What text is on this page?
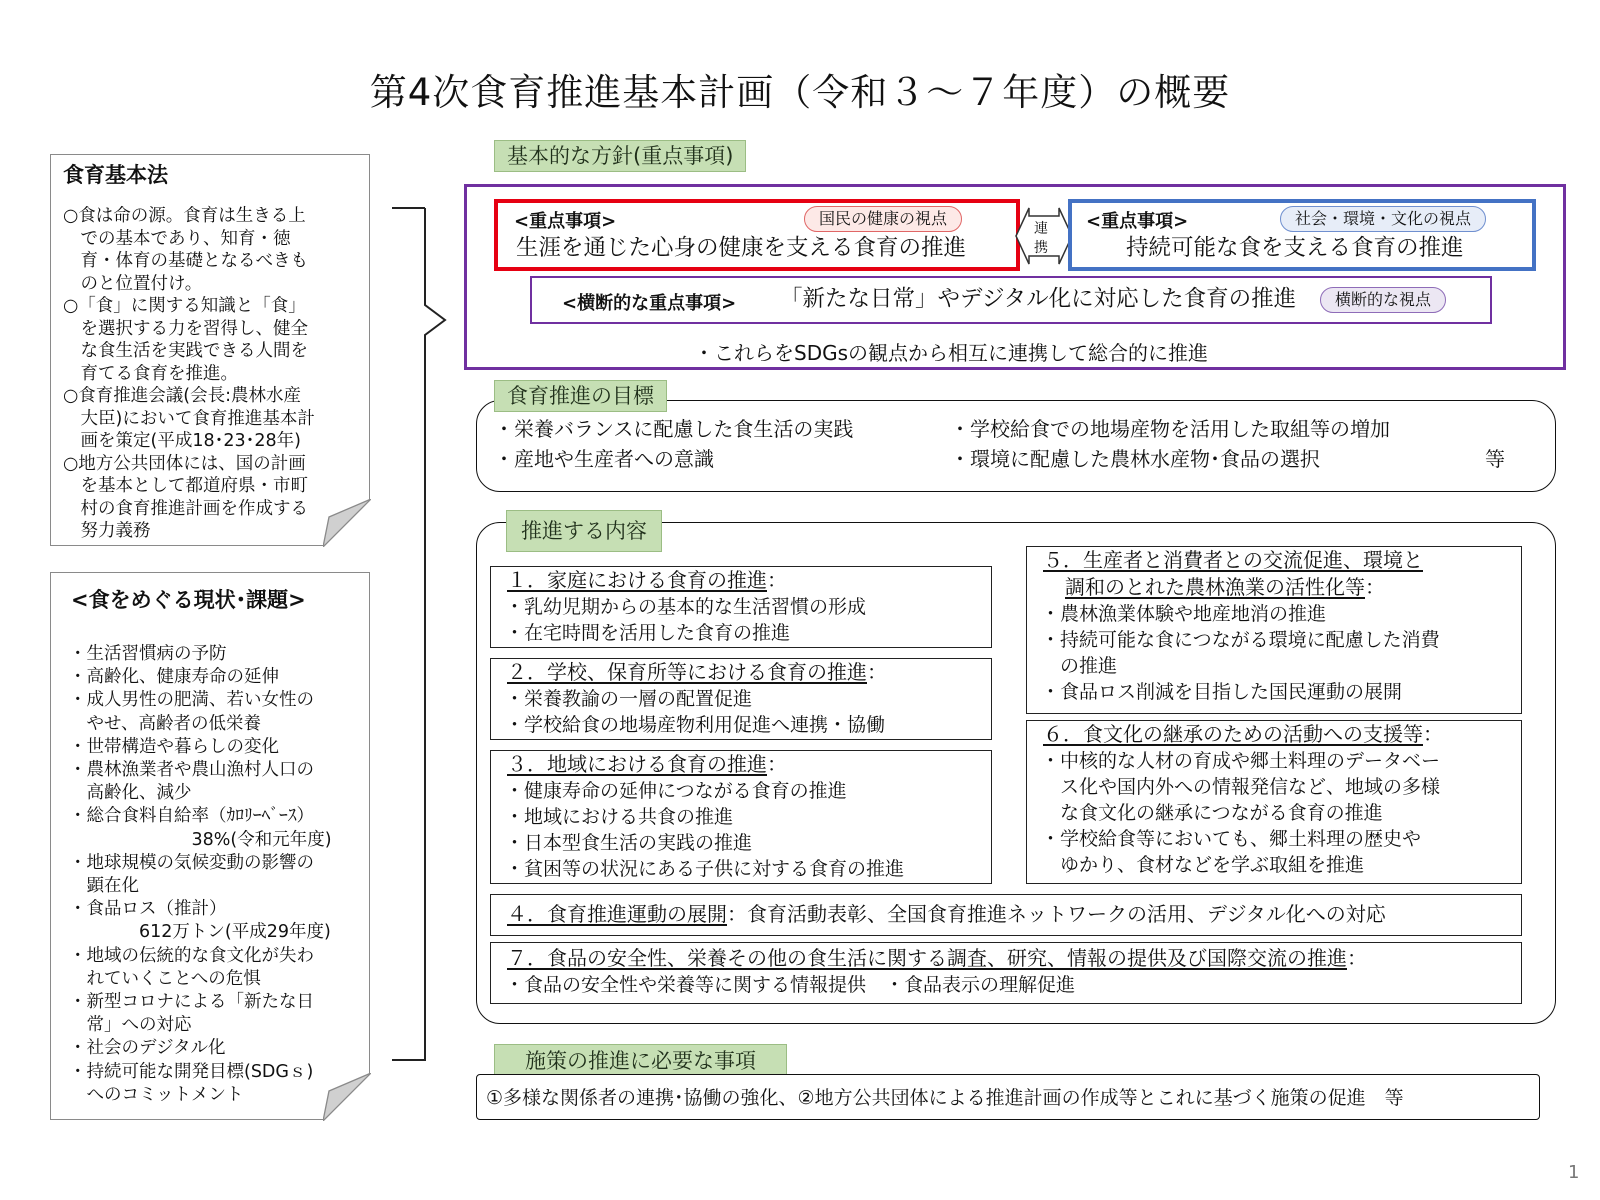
第4次食育推進基本計画（令和３～７年度）の概要
食育基本法
○食は命の源。食育は生きる上
　での基本であり、知育・徳
　育・体育の基礎となるべきも
　のと位置付け。
○「食」に関する知識と「食」
　を選択する力を習得し、健全
　な食生活を実践できる人間を
　育てる食育を推進。
○食育推進会議(会長:農林水産
　大臣)において食育推進基本計
　画を策定(平成18･23･28年)
○地方公共団体には、国の計画
　を基本として都道府県・市町
　村の食育推進計画を作成する
　努力義務
<食をめぐる現状･課題>
・生活習慣病の予防
・高齢化、健康寿命の延伸
・成人男性の肥満、若い女性の
　やせ、高齢者の低栄養
・世帯構造や暮らしの変化
・農林漁業者や農山漁村人口の
　高齢化、減少
・総合食料自給率（ｶﾛﾘｰﾍﾞｰｽ）
　　　　　　　38%(令和元年度)
・地球規模の気候変動の影響の
　顕在化
・食品ロス（推計）
　　　　612万トン(平成29年度)
・地域の伝統的な食文化が失わ
　れていくことへの危惧
・新型コロナによる「新たな日
　常」への対応
・社会のデジタル化
・持続可能な開発目標(SDGｓ)
　へのコミットメント
基本的な方針(重点事項)
<重点事項>	国民の健康の視点
生涯を通じた心身の健康を支える食育の推進
連
携
<重点事項>	社会・環境・文化の視点
持続可能な食を支える食育の推進
<横断的な重点事項> 「新たな日常」やデジタル化に対応した食育の推進	横断的な視点
・これらをSDGsの観点から相互に連携して総合的に推進
食育推進の目標
・栄養バランスに配慮した食生活の実践	・学校給食での地場産物を活用した取組等の増加
・産地や生産者への意識	・環境に配慮した農林水産物･食品の選択	等
推進する内容
１．家庭における食育の推進：
・乳幼児期からの基本的な生活習慣の形成
・在宅時間を活用した食育の推進
２．学校、保育所等における食育の推進：
・栄養教諭の一層の配置促進
・学校給食の地場産物利用促進へ連携・協働
３．地域における食育の推進：
・健康寿命の延伸につながる食育の推進
・地域における共食の推進
・日本型食生活の実践の推進
・貧困等の状況にある子供に対する食育の推進
５．生産者と消費者との交流促進、環境と
調和のとれた農林漁業の活性化等：
・農林漁業体験や地産地消の推進
・持続可能な食につながる環境に配慮した消費
　の推進
・食品ロス削減を目指した国民運動の展開
６．食文化の継承のための活動への支援等：
・中核的な人材の育成や郷土料理のデータベー
　ス化や国内外への情報発信など、地域の多様
　な食文化の継承につながる食育の推進
・学校給食等においても、郷土料理の歴史や
　ゆかり、食材などを学ぶ取組を推進
４．食育推進運動の展開：食育活動表彰、全国食育推進ネットワークの活用、デジタル化への対応
７．食品の安全性、栄養その他の食生活に関する調査、研究、情報の提供及び国際交流の推進：
・食品の安全性や栄養等に関する情報提供　・食品表示の理解促進
施策の推進に必要な事項
①多様な関係者の連携･協働の強化、②地方公共団体による推進計画の作成等とこれに基づく施策の促進　等
1
